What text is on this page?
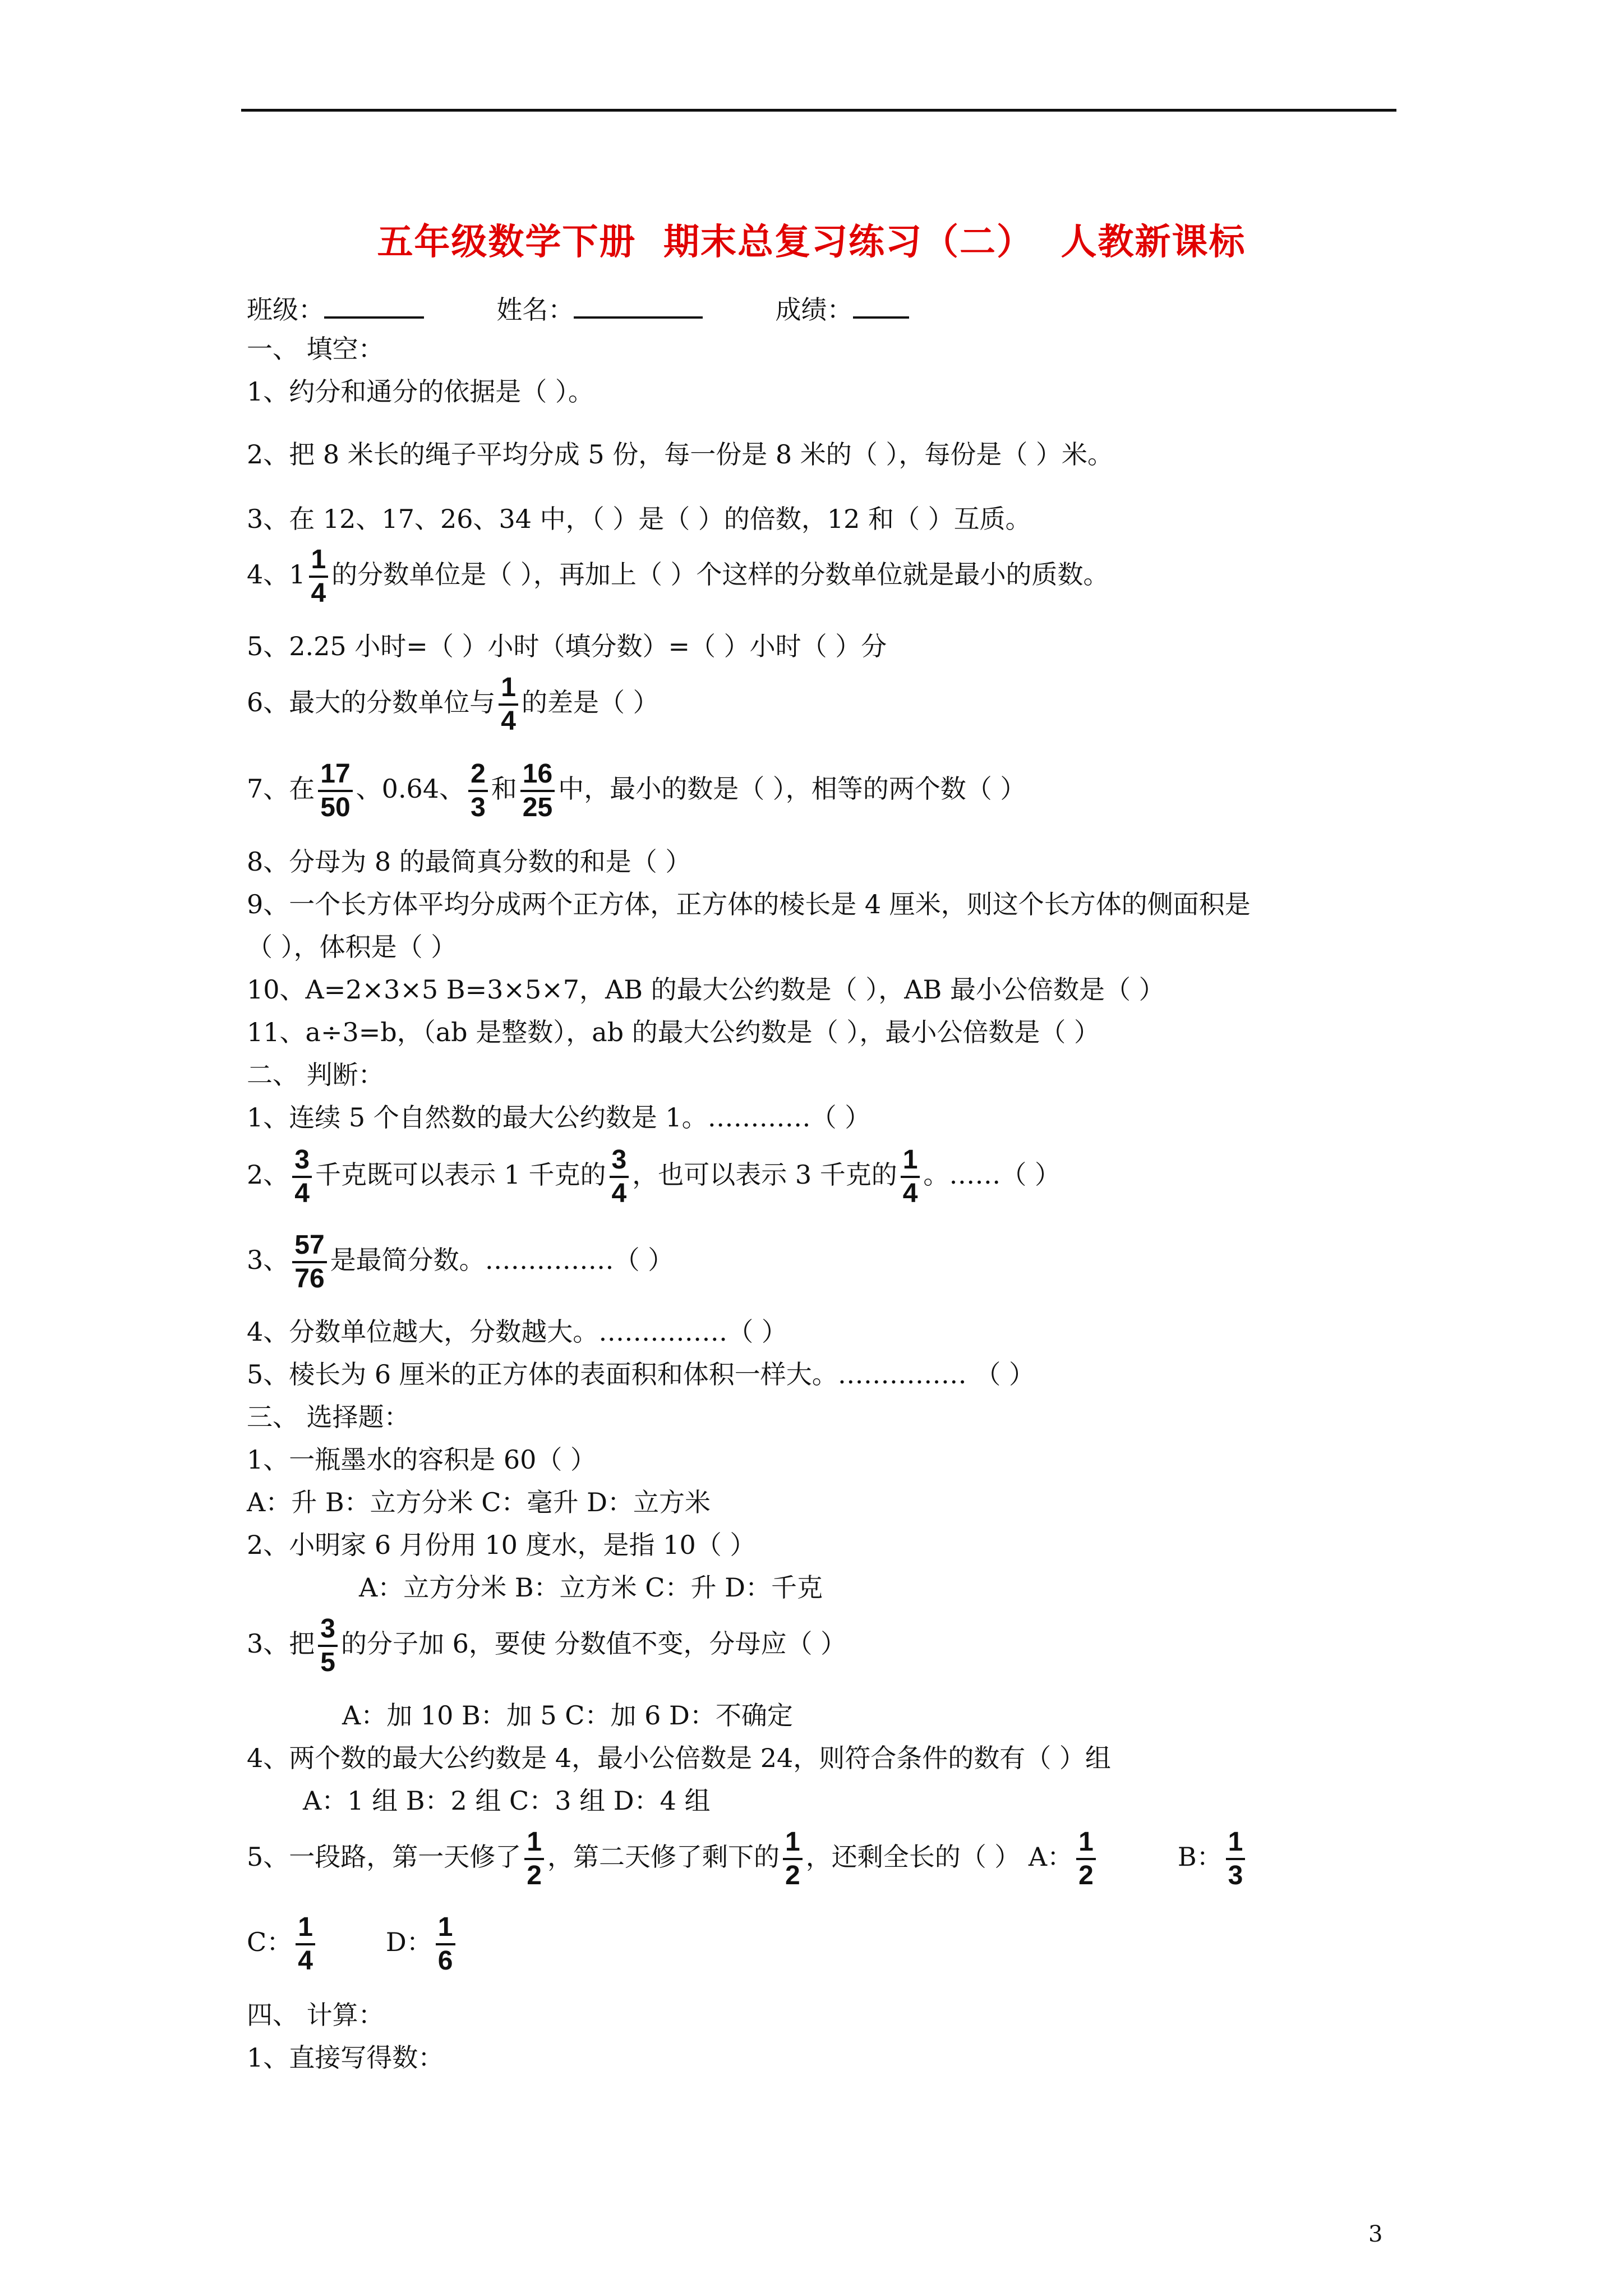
五年级数学下册  期末总复习练习（二）  人教新课标
班级：	姓名：	成绩：
一、 填空：
1、约分和通分的依据是（ ）。
2、把 8 米长的绳子平均分成 5 份，每一份是 8 米的（ ），每份是（ ）米。
3、在 12、17、26、34 中，（ ）是（ ）的倍数，12 和（ ）互质。
4、$1 \frac{1}{4}$ 的分数单位是（ ），再加上（ ）个这样的分数单位就是最小的质数。
5、2.25 小时=（ ）小时（填分数）=（ ）小时（ ）分
6、最大的分数单位与 $\frac{1}{4}$ 的差是（ ）
7、在 $\frac{17}{50}$ 、0.64、 $\frac{2}{3}$ 和 $\frac{16}{25}$ 中，最小的数是（ ），相等的两个数（ ）
8、分母为 8 的最简真分数的和是（ ）
9、一个长方体平均分成两个正方体，正方体的棱长是 4 厘米，则这个长方体的侧面积是
（ ），体积是（ ）
10、A=2×3×5 B=3×5×7，AB 的最大公约数是（ ），AB 最小公倍数是（ ）
11、a÷3=b，（ab 是整数），ab 的最大公约数是（ ），最小公倍数是（ ）
二、 判断：
1、连续 5 个自然数的最大公约数是 1。…………（ ）
2、 $\frac{3}{4}$ 千克既可以表示 1 千克的 $\frac{3}{4}$ ，也可以表示 3 千克的 $\frac{1}{4}$ 。……（ ）
3、 $\frac{57}{76}$ 是最简分数。……………（ ）
4、分数单位越大，分数越大。……………（ ）
5、棱长为 6 厘米的正方体的表面积和体积一样大。…………… （ ）
三、 选择题：
1、一瓶墨水的容积是 60（ ）
A：升 B：立方分米 C：毫升 D：立方米
2、小明家 6 月份用 10 度水，是指 10（ ）
A：立方分米 B：立方米 C：升 D：千克
3、把 $\frac{3}{5}$ 的分子加 6，要使 分数值不变，分母应（ ）
A：加 10 B：加 5 C：加 6 D：不确定
4、两个数的最大公约数是 4，最小公倍数是 24，则符合条件的数有（ ）组
A：1 组 B：2 组 C：3 组 D：4 组
5、一段路，第一天修了 $\frac{1}{2}$ ，第二天修了剩下的 $\frac{1}{2}$ ，还剩全长的（ ） A： $\frac{1}{2}$	B： $\frac{1}{3}$
C： $\frac{1}{4}$	D： $\frac{1}{6}$
四、 计算：
1、直接写得数：
3
